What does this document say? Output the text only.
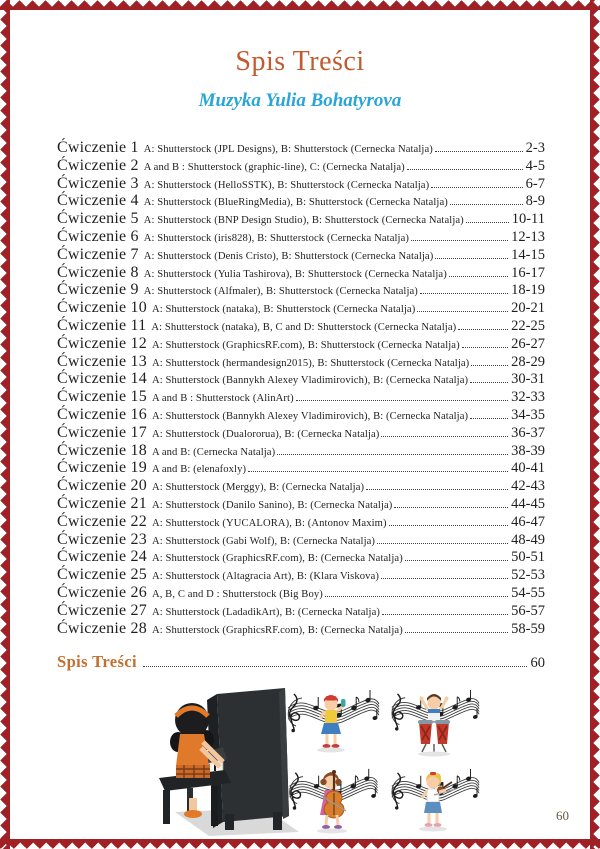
Spis Treści
Muzyka Yulia Bohatyrova
Ćwiczenie 1 A: Shutterstock (JPL Designs), B: Shutterstock (Cernecka Natalja)	2-3
Ćwiczenie 2 A and B : Shutterstock (graphic-line), C: (Cernecka Natalja)	4-5
Ćwiczenie 3 A: Shutterstock (HelloSSTK), B: Shutterstock (Cernecka Natalja)	6-7
Ćwiczenie 4 A: Shutterstock (BlueRingMedia), B: Shutterstock (Cernecka Natalja)	8-9
Ćwiczenie 5 A: Shutterstock (BNP Design Studio), B: Shutterstock (Cernecka Natalja)	10-11
Ćwiczenie 6 A: Shutterstock (iris828), B: Shutterstock (Cernecka Natalja)	12-13
Ćwiczenie 7 A: Shutterstock (Denis Cristo), B: Shutterstock (Cernecka Natalja)	14-15
Ćwiczenie 8 A: Shutterstock (Yulia Tashirova), B: Shutterstock (Cernecka Natalja)	16-17
Ćwiczenie 9 A: Shutterstock (Alfmaler), B: Shutterstock (Cernecka Natalja)	18-19
Ćwiczenie 10 A: Shutterstock (nataka), B: Shutterstock (Cernecka Natalja)	20-21
Ćwiczenie 11 A: Shutterstock (nataka), B, C and D: Shutterstock (Cernecka Natalja)	22-25
Ćwiczenie 12 A: Shutterstock (GraphicsRF.com), B: Shutterstock (Cernecka Natalja)	26-27
Ćwiczenie 13 A: Shutterstock (hermandesign2015), B: Shutterstock (Cernecka Natalja)	28-29
Ćwiczenie 14 A: Shutterstock (Bannykh Alexey Vladimirovich), B: (Cernecka Natalja)	30-31
Ćwiczenie 15 A and B : Shutterstock (AlinArt)	32-33
Ćwiczenie 16 A: Shutterstock (Bannykh Alexey Vladimirovich), B: (Cernecka Natalja)	34-35
Ćwiczenie 17 A: Shutterstock (Dualororua), B: (Cernecka Natalja)	36-37
Ćwiczenie 18 A and B: (Cernecka Natalja)	38-39
Ćwiczenie 19 A and B: (elenafoxly)	40-41
Ćwiczenie 20 A: Shutterstock (Merggy), B: (Cernecka Natalja)	42-43
Ćwiczenie 21 A: Shutterstock (Danilo Sanino), B: (Cernecka Natalja)	44-45
Ćwiczenie 22 A: Shutterstock (YUCALORA), B: (Antonov Maxim)	46-47
Ćwiczenie 23 A: Shutterstock (Gabi Wolf), B: (Cernecka Natalja)	48-49
Ćwiczenie 24 A: Shutterstock (GraphicsRF.com), B: (Cernecka Natalja)	50-51
Ćwiczenie 25 A: Shutterstock (Altagracia Art), B: (Klara Viskova)	52-53
Ćwiczenie 26 A, B, C and D : Shutterstock (Big Boy)	54-55
Ćwiczenie 27 A: Shutterstock (LadadikArt), B: (Cernecka Natalja)	56-57
Ćwiczenie 28 A: Shutterstock (GraphicsRF.com), B: (Cernecka Natalja)	58-59
Spis Treści	60
60
